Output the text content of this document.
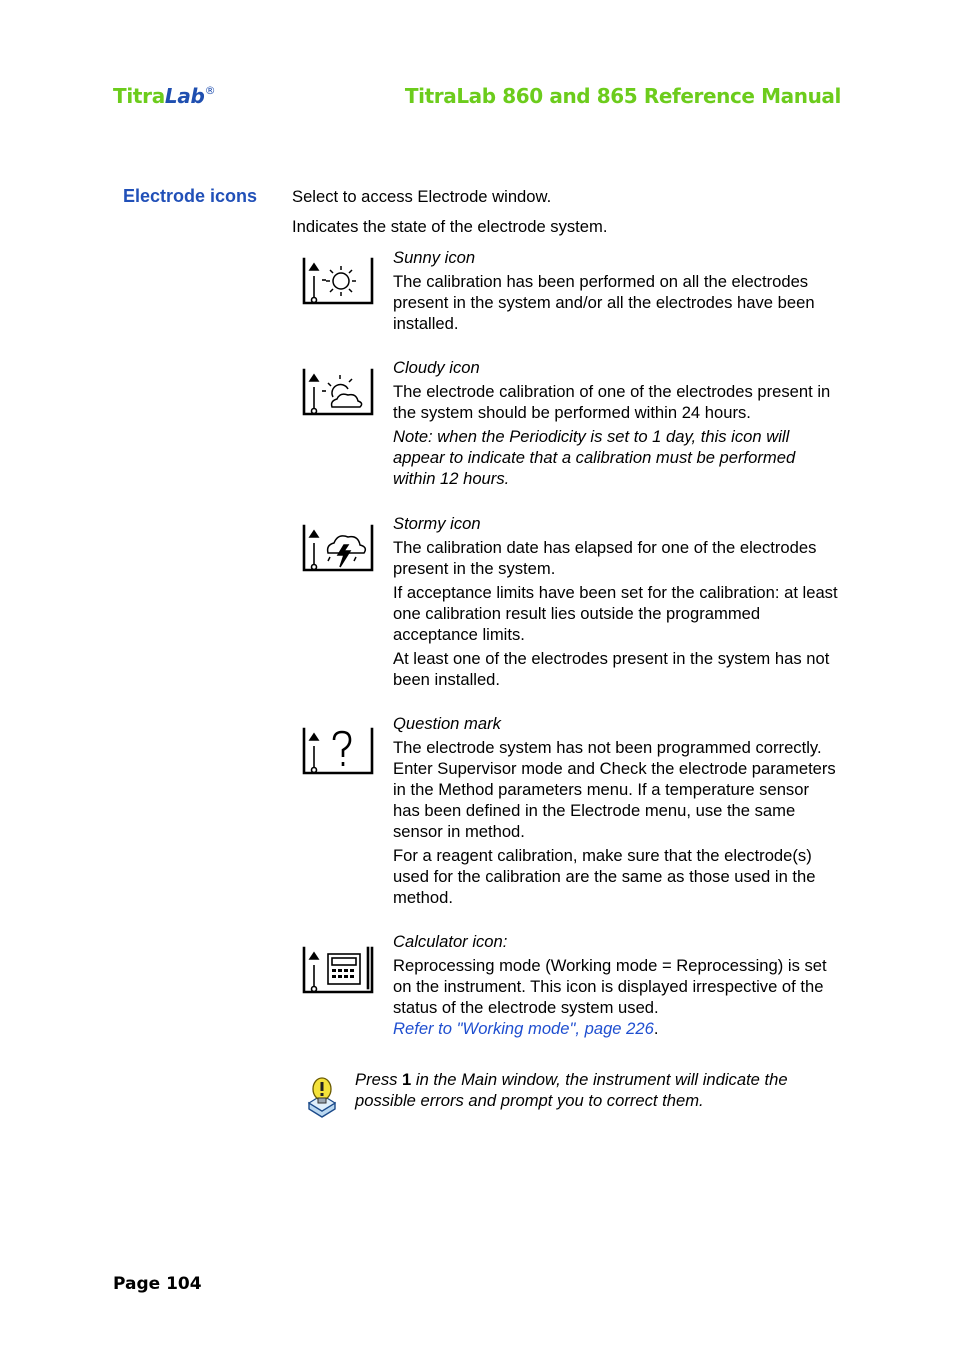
TitraLab®	TitraLab 860 and 865 Reference Manual
Electrode icons Select to access Electrode window.
Indicates the state of the electrode system.

Sunny icon

The calibration has been performed on all the electrodes present in the system and/or all the electrodes have been installed.

Cloudy icon

The electrode calibration of one of the electrodes present in the system should be performed within 24 hours.

Note: when the Periodicity is set to 1 day, this icon will appear to indicate that a calibration must be performed within 12 hours.

Stormy icon

The calibration date has elapsed for one of the electrodes present in the system.

If acceptance limits have been set for the calibration: at least one calibration result lies outside the programmed acceptance limits.

At least one of the electrodes present in the system has not been installed.

Question mark

The electrode system has not been programmed correctly. Enter Supervisor mode and Check the electrode parameters in the Method parameters menu. If a temperature sensor has been defined in the Electrode menu, use the same sensor in method.

For a reagent calibration, make sure that the electrode(s) used for the calibration are the same as those used in the method.

Calculator icon:

Reprocessing mode (Working mode = Reprocessing) is set on the instrument. This icon is displayed irrespective of the status of the electrode system used.

Refer to "Working mode", page 226.

Press 1 in the Main window, the instrument will indicate the possible errors and prompt you to correct them.
Page 104
